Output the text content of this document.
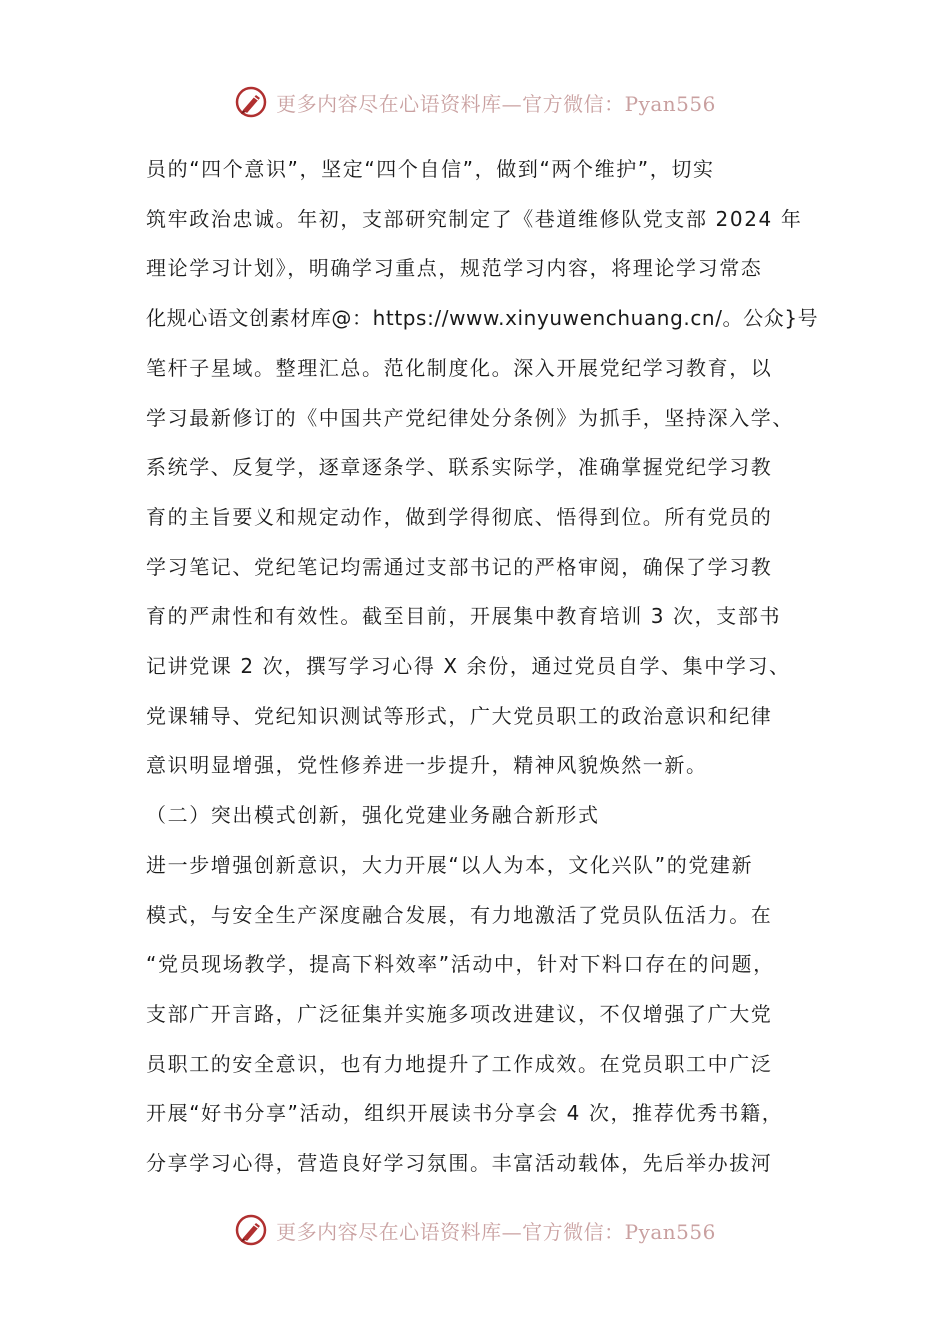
更多内容尽在心语资料库—官方微信：Pyan556

员的“四个意识”，坚定“四个自信”，做到“两个维护”，切实

筑牢政治忠诚。年初，支部研究制定了《巷道维修队党支部 2024 年

理论学习计划》，明确学习重点，规范学习内容，将理论学习常态

化规心语文创素材库@：https://www.xinyuwenchuang.cn/。公众}号

笔杆子星域。整理汇总。范化制度化。深入开展党纪学习教育，以

学习最新修订的《中国共产党纪律处分条例》为抓手，坚持深入学、

系统学、反复学，逐章逐条学、联系实际学，准确掌握党纪学习教

育的主旨要义和规定动作，做到学得彻底、悟得到位。所有党员的

学习笔记、党纪笔记均需通过支部书记的严格审阅，确保了学习教

育的严肃性和有效性。截至目前，开展集中教育培训 3 次，支部书

记讲党课 2 次，撰写学习心得 X 余份，通过党员自学、集中学习、

党课辅导、党纪知识测试等形式，广大党员职工的政治意识和纪律

意识明显增强，党性修养进一步提升，精神风貌焕然一新。

（二）突出模式创新，强化党建业务融合新形式

进一步增强创新意识，大力开展“以人为本，文化兴队”的党建新

模式，与安全生产深度融合发展，有力地激活了党员队伍活力。在

“党员现场教学，提高下料效率”活动中，针对下料口存在的问题，

支部广开言路，广泛征集并实施多项改进建议，不仅增强了广大党

员职工的安全意识，也有力地提升了工作成效。在党员职工中广泛

开展“好书分享”活动，组织开展读书分享会 4 次，推荐优秀书籍，

分享学习心得，营造良好学习氛围。丰富活动载体，先后举办拔河

更多内容尽在心语资料库—官方微信：Pyan556
